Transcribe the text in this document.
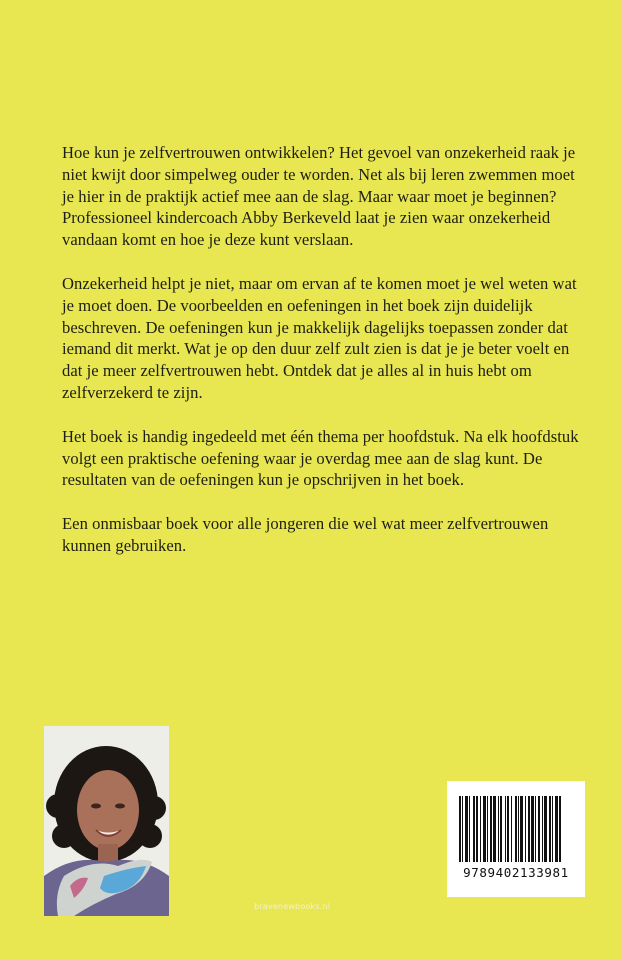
Hoe kun je zelfvertrouwen ontwikkelen? Het gevoel van onzekerheid raak je niet kwijt door simpelweg ouder te worden. Net als bij leren zwemmen moet je hier in de praktijk actief mee aan de slag. Maar waar moet je beginnen? Professioneel kindercoach Abby Berkeveld laat je zien waar onzekerheid vandaan komt en hoe je deze kunt verslaan.

Onzekerheid helpt je niet, maar om ervan af te komen moet je wel weten wat je moet doen. De voorbeelden en oefeningen in het boek zijn duidelijk beschreven. De oefeningen kun je makkelijk dagelijks toepassen zonder dat iemand dit merkt. Wat je op den duur zelf zult zien is dat je je beter voelt en dat je meer zelfvertrouwen hebt. Ontdek dat je alles al in huis hebt om zelfverzekerd te zijn.

Het boek is handig ingedeeld met één thema per hoofdstuk. Na elk hoofdstuk volgt een praktische oefening waar je overdag mee aan de slag kunt. De resultaten van de oefeningen kun je opschrijven in het boek.

Een onmisbaar boek voor alle jongeren die wel wat meer zelfvertrouwen kunnen gebruiken.

9789402133981
bravenewbooks.nl
